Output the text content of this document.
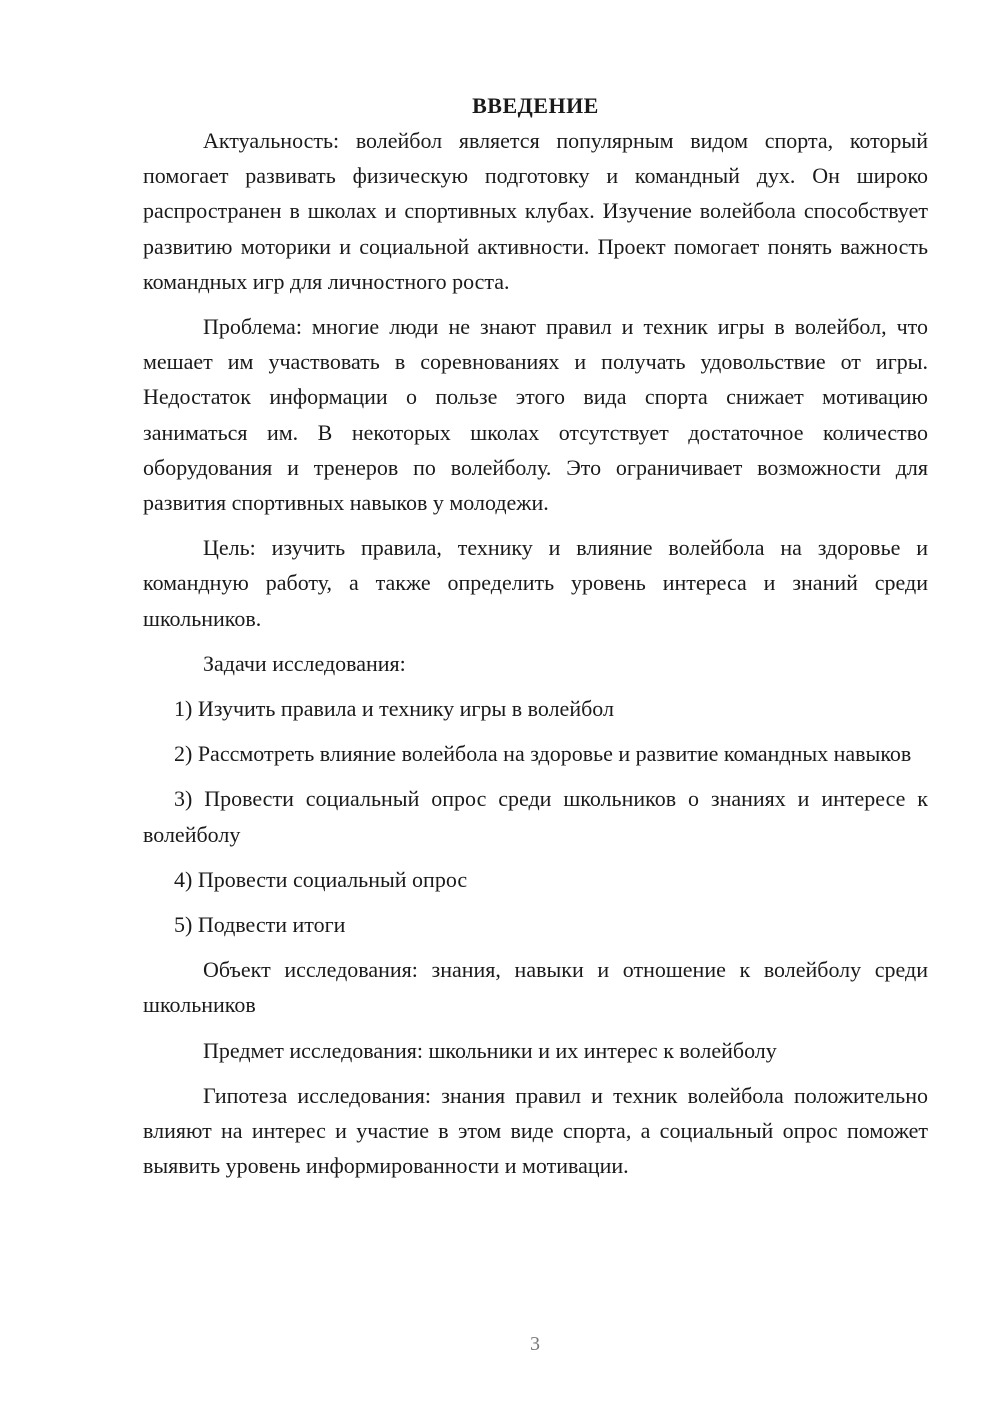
ВВЕДЕНИЕ

Актуальность: волейбол является популярным видом спорта, который помогает развивать физическую подготовку и командный дух. Он широко распространен в школах и спортивных клубах. Изучение волейбола способствует развитию моторики и социальной активности. Проект помогает понять важность командных игр для личностного роста.

Проблема: многие люди не знают правил и техник игры в волейбол, что мешает им участвовать в соревнованиях и получать удовольствие от игры. Недостаток информации о пользе этого вида спорта снижает мотивацию заниматься им. В некоторых школах отсутствует достаточное количество оборудования и тренеров по волейболу. Это ограничивает возможности для развития спортивных навыков у молодежи.

Цель: изучить правила, технику и влияние волейбола на здоровье и командную работу, а также определить уровень интереса и знаний среди школьников.

Задачи исследования:

1) Изучить правила и технику игры в волейбол

2) Рассмотреть влияние волейбола на здоровье и развитие командных навыков

3) Провести социальный опрос среди школьников о знаниях и интересе к волейболу

4) Провести социальный опрос

5) Подвести итоги

Объект исследования: знания, навыки и отношение к волейболу среди школьников

Предмет исследования: школьники и их интерес к волейболу

Гипотеза исследования: знания правил и техник волейбола положительно влияют на интерес и участие в этом виде спорта, а социальный опрос поможет выявить уровень информированности и мотивации.

3
